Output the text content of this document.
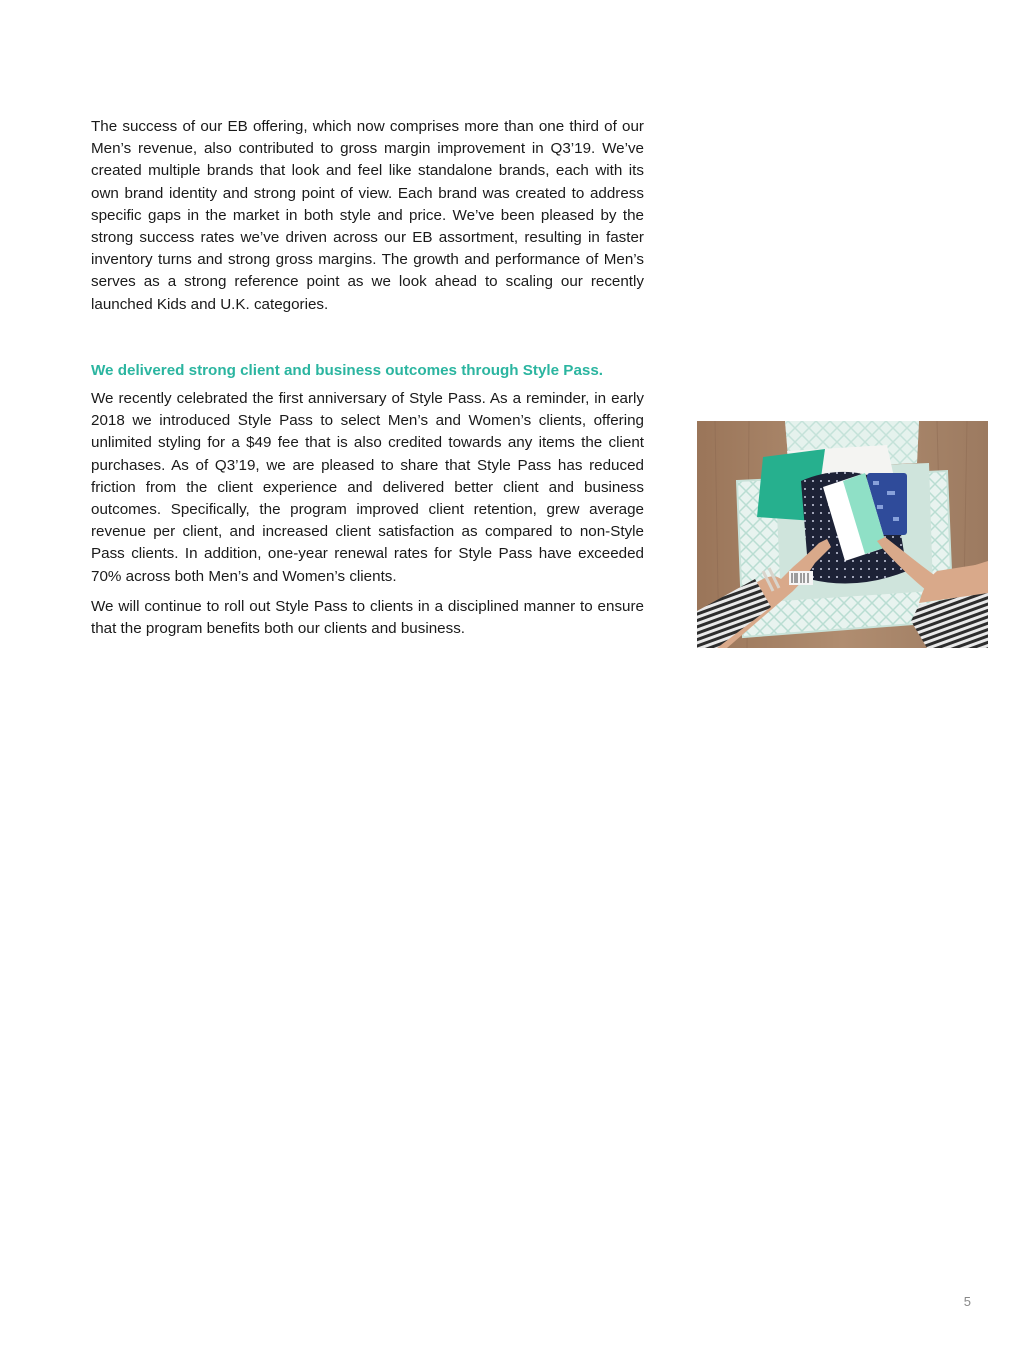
The success of our EB offering, which now comprises more than one third of our Men’s revenue, also contributed to gross margin improvement in Q3’19. We’ve created multiple brands that look and feel like standalone brands, each with its own brand identity and strong point of view. Each brand was created to address specific gaps in the market in both style and price. We’ve been pleased by the strong success rates we’ve driven across our EB assortment, resulting in faster inventory turns and strong gross margins. The growth and performance of Men’s serves as a strong reference point as we look ahead to scaling our recently launched Kids and U.K. categories.

We delivered strong client and business outcomes through Style Pass.

We recently celebrated the first anniversary of Style Pass. As a reminder, in early 2018 we introduced Style Pass to select Men’s and Women’s clients, offering unlimited styling for a $49 fee that is also credited towards any items the client purchases. As of Q3’19, we are pleased to share that Style Pass has reduced friction from the client experience and delivered better client and business outcomes. Specifically, the program improved client retention, grew average revenue per client, and increased client satisfaction as compared to non-Style Pass clients. In addition, one-year renewal rates for Style Pass have exceeded 70% across both Men’s and Women’s clients.

We will continue to roll out Style Pass to clients in a disciplined manner to ensure that the program benefits both our clients and business.

5
